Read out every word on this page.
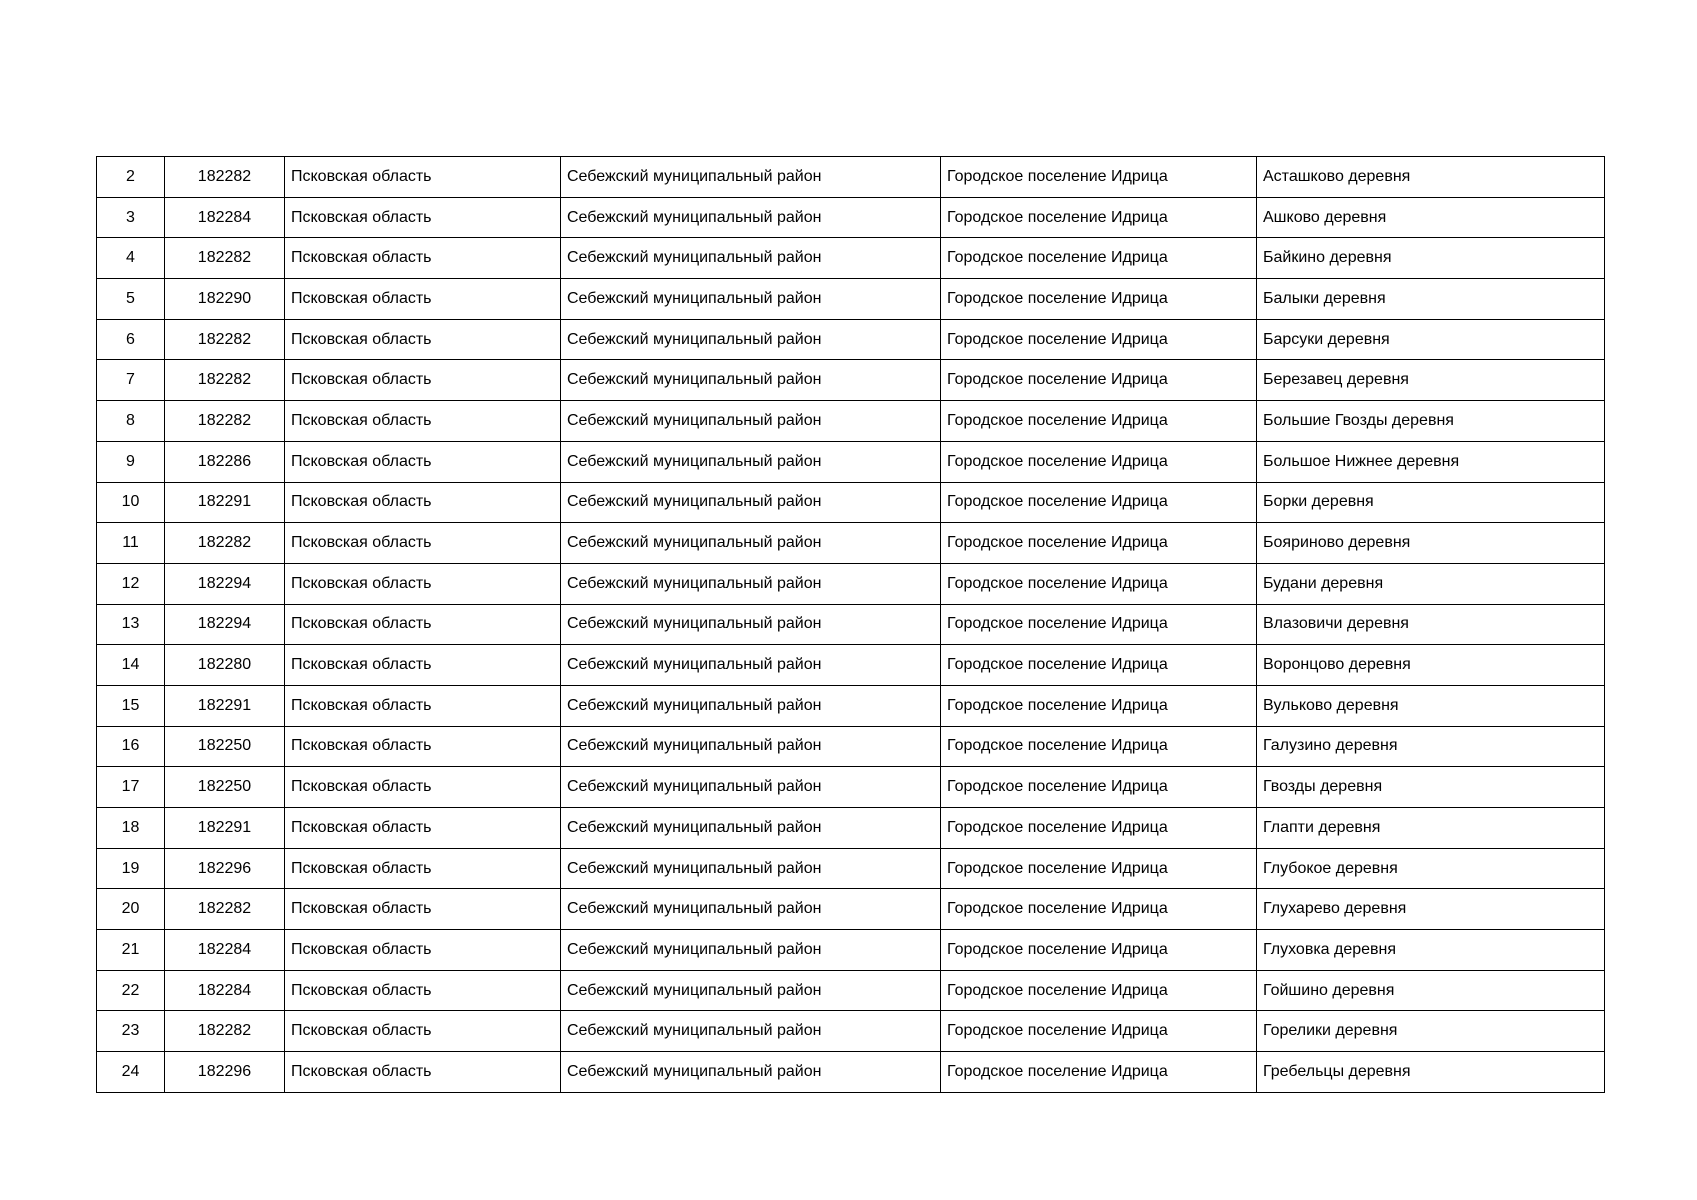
2	182282	Псковская область	Себежский муниципальный район	Городское поселение Идрица	Асташково деревня
3	182284	Псковская область	Себежский муниципальный район	Городское поселение Идрица	Ашково деревня
4	182282	Псковская область	Себежский муниципальный район	Городское поселение Идрица	Байкино деревня
5	182290	Псковская область	Себежский муниципальный район	Городское поселение Идрица	Балыки деревня
6	182282	Псковская область	Себежский муниципальный район	Городское поселение Идрица	Барсуки деревня
7	182282	Псковская область	Себежский муниципальный район	Городское поселение Идрица	Березавец деревня
8	182282	Псковская область	Себежский муниципальный район	Городское поселение Идрица	Большие Гвозды деревня
9	182286	Псковская область	Себежский муниципальный район	Городское поселение Идрица	Большое Нижнее деревня
10	182291	Псковская область	Себежский муниципальный район	Городское поселение Идрица	Борки деревня
11	182282	Псковская область	Себежский муниципальный район	Городское поселение Идрица	Бояриново деревня
12	182294	Псковская область	Себежский муниципальный район	Городское поселение Идрица	Будани деревня
13	182294	Псковская область	Себежский муниципальный район	Городское поселение Идрица	Влазовичи деревня
14	182280	Псковская область	Себежский муниципальный район	Городское поселение Идрица	Воронцово деревня
15	182291	Псковская область	Себежский муниципальный район	Городское поселение Идрица	Вульково деревня
16	182250	Псковская область	Себежский муниципальный район	Городское поселение Идрица	Галузино деревня
17	182250	Псковская область	Себежский муниципальный район	Городское поселение Идрица	Гвозды деревня
18	182291	Псковская область	Себежский муниципальный район	Городское поселение Идрица	Глапти деревня
19	182296	Псковская область	Себежский муниципальный район	Городское поселение Идрица	Глубокое деревня
20	182282	Псковская область	Себежский муниципальный район	Городское поселение Идрица	Глухарево деревня
21	182284	Псковская область	Себежский муниципальный район	Городское поселение Идрица	Глуховка деревня
22	182284	Псковская область	Себежский муниципальный район	Городское поселение Идрица	Гойшино деревня
23	182282	Псковская область	Себежский муниципальный район	Городское поселение Идрица	Горелики деревня
24	182296	Псковская область	Себежский муниципальный район	Городское поселение Идрица	Гребельцы деревня
